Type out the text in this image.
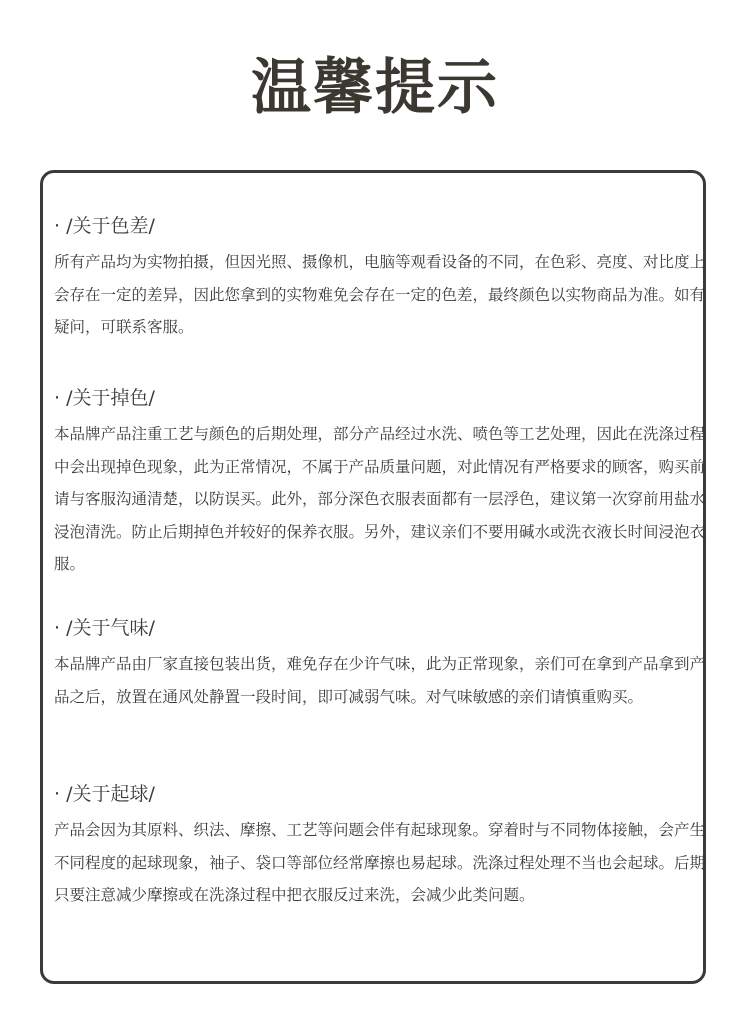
温馨提示

· /关于色差/

所有产品均为实物拍摄，但因光照、摄像机，电脑等观看设备的不同，在色彩、亮度、对比度上会存在一定的差异，因此您拿到的实物难免会存在一定的色差，最终颜色以实物商品为准。如有疑问，可联系客服。

· /关于掉色/

本品牌产品注重工艺与颜色的后期处理，部分产品经过水洗、喷色等工艺处理，因此在洗涤过程中会出现掉色现象，此为正常情况，不属于产品质量问题，对此情况有严格要求的顾客，购买前请与客服沟通清楚，以防误买。此外，部分深色衣服表面都有一层浮色，建议第一次穿前用盐水浸泡清洗。防止后期掉色并较好的保养衣服。另外，建议亲们不要用碱水或洗衣液长时间浸泡衣服。

· /关于气味/

本品牌产品由厂家直接包装出货，难免存在少许气味，此为正常现象，亲们可在拿到产品拿到产品之后，放置在通风处静置一段时间，即可减弱气味。对气味敏感的亲们请慎重购买。

· /关于起球/

产品会因为其原料、织法、摩擦、工艺等问题会伴有起球现象。穿着时与不同物体接触，会产生不同程度的起球现象，袖子、袋口等部位经常摩擦也易起球。洗涤过程处理不当也会起球。后期只要注意减少摩擦或在洗涤过程中把衣服反过来洗，会减少此类问题。
